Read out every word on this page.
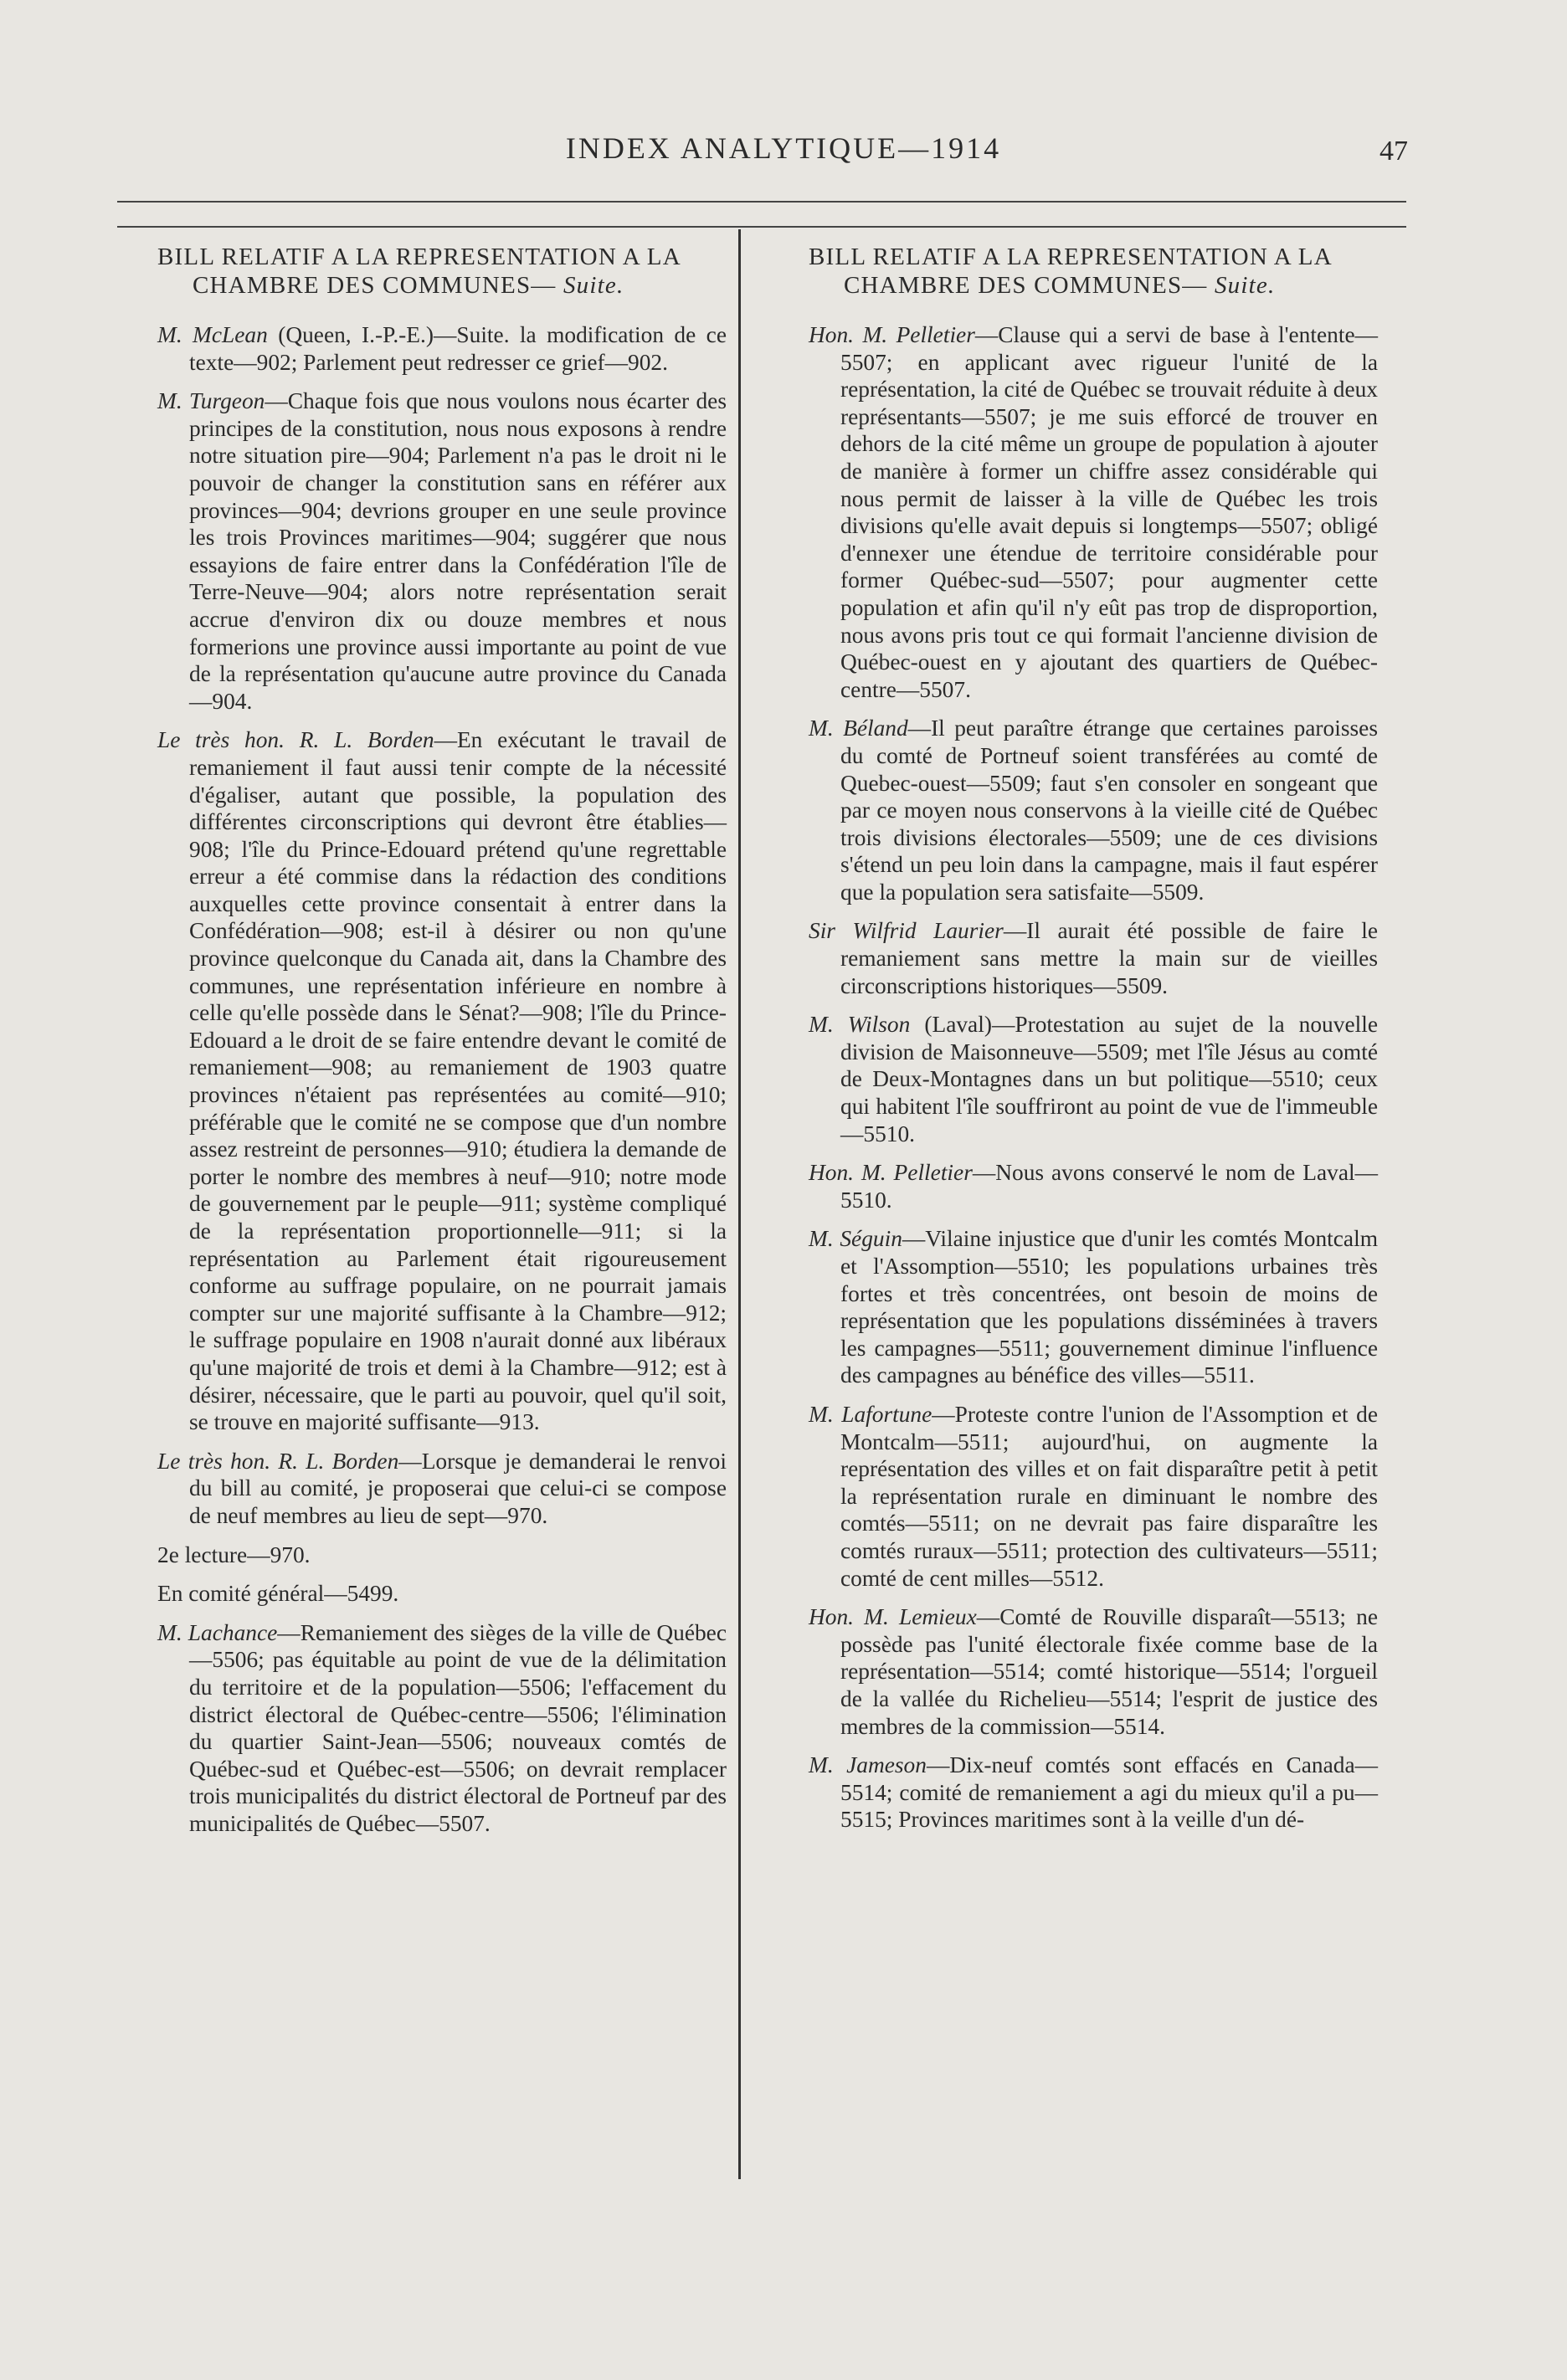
INDEX ANALYTIQUE—1914	47
BILL RELATIF A LA REPRESENTATION A LA CHAMBRE DES COMMUNES— Suite.
M. McLean (Queen, I.-P.-E.)—Suite. la modification de ce texte—902; Parlement peut redresser ce grief—902.
M. Turgeon—Chaque fois que nous voulons nous écarter des principes de la constitution, nous nous exposons à rendre notre situation pire—904; Parlement n'a pas le droit ni le pouvoir de changer la constitution sans en référer aux provinces—904; devrions grouper en une seule province les trois Provinces maritimes—904; suggérer que nous essayions de faire entrer dans la Confédération l'île de Terre-Neuve—904; alors notre représentation serait accrue d'environ dix ou douze membres et nous formerions une province aussi importante au point de vue de la représentation qu'aucune autre province du Canada—904.
Le très hon. R. L. Borden—En exécutant le travail de remaniement il faut aussi tenir compte de la nécessité d'égaliser, autant que possible, la population des différentes circonscriptions qui devront être établies—908; l'île du Prince-Edouard prétend qu'une regrettable erreur a été commise dans la rédaction des conditions auxquelles cette province consentait à entrer dans la Confédération—908; est-il à désirer ou non qu'une province quelconque du Canada ait, dans la Chambre des communes, une représentation inférieure en nombre à celle qu'elle possède dans le Sénat?—908; l'île du Prince-Edouard a le droit de se faire entendre devant le comité de remaniement—908; au remaniement de 1903 quatre provinces n'étaient pas représentées au comité—910; préférable que le comité ne se compose que d'un nombre assez restreint de personnes—910; étudiera la demande de porter le nombre des membres à neuf—910; notre mode de gouvernement par le peuple—911; système compliqué de la représentation proportionnelle—911; si la représentation au Parlement était rigoureusement conforme au suffrage populaire, on ne pourrait jamais compter sur une majorité suffisante à la Chambre—912; le suffrage populaire en 1908 n'aurait donné aux libéraux qu'une majorité de trois et demi à la Chambre—912; est à désirer, nécessaire, que le parti au pouvoir, quel qu'il soit, se trouve en majorité suffisante—913.
Le très hon. R. L. Borden—Lorsque je demanderai le renvoi du bill au comité, je proposerai que celui-ci se compose de neuf membres au lieu de sept—970.
2e lecture—970.
En comité général—5499.
M. Lachance—Remaniement des sièges de la ville de Québec—5506; pas équitable au point de vue de la délimitation du territoire et de la population—5506; l'effacement du district électoral de Québec-centre—5506; l'élimination du quartier Saint-Jean—5506; nouveaux comtés de Québec-sud et Québec-est—5506; on devrait remplacer trois municipalités du district électoral de Portneuf par des municipalités de Québec—5507.
BILL RELATIF A LA REPRESENTATION A LA CHAMBRE DES COMMUNES— Suite.
Hon. M. Pelletier—Clause qui a servi de base à l'entente—5507; en applicant avec rigueur l'unité de la représentation, la cité de Québec se trouvait réduite à deux représentants—5507; je me suis efforcé de trouver en dehors de la cité même un groupe de population à ajouter de manière à former un chiffre assez considérable qui nous permit de laisser à la ville de Québec les trois divisions qu'elle avait depuis si longtemps—5507; obligé d'ennexer une étendue de territoire considérable pour former Québec-sud—5507; pour augmenter cette population et afin qu'il n'y eût pas trop de disproportion, nous avons pris tout ce qui formait l'ancienne division de Québec-ouest en y ajoutant des quartiers de Québec-centre—5507.
M. Béland—Il peut paraître étrange que certaines paroisses du comté de Portneuf soient transférées au comté de Quebec-ouest—5509; faut s'en consoler en songeant que par ce moyen nous conservons à la vieille cité de Québec trois divisions électorales—5509; une de ces divisions s'étend un peu loin dans la campagne, mais il faut espérer que la population sera satisfaite—5509.
Sir Wilfrid Laurier—Il aurait été possible de faire le remaniement sans mettre la main sur de vieilles circonscriptions historiques—5509.
M. Wilson (Laval)—Protestation au sujet de la nouvelle division de Maisonneuve—5509; met l'île Jésus au comté de Deux-Montagnes dans un but politique—5510; ceux qui habitent l'île souffriront au point de vue de l'immeuble—5510.
Hon. M. Pelletier—Nous avons conservé le nom de Laval—5510.
M. Séguin—Vilaine injustice que d'unir les comtés Montcalm et l'Assomption—5510; les populations urbaines très fortes et très concentrées, ont besoin de moins de représentation que les populations disséminées à travers les campagnes—5511; gouvernement diminue l'influence des campagnes au bénéfice des villes—5511.
M. Lafortune—Proteste contre l'union de l'Assomption et de Montcalm—5511; aujourd'hui, on augmente la représentation des villes et on fait disparaître petit à petit la représentation rurale en diminuant le nombre des comtés—5511; on ne devrait pas faire disparaître les comtés ruraux—5511; protection des cultivateurs—5511; comté de cent milles—5512.
Hon. M. Lemieux—Comté de Rouville disparaît—5513; ne possède pas l'unité électorale fixée comme base de la représentation—5514; comté historique—5514; l'orgueil de la vallée du Richelieu—5514; l'esprit de justice des membres de la commission—5514.
M. Jameson—Dix-neuf comtés sont effacés en Canada—5514; comité de remaniement a agi du mieux qu'il a pu—5515; Provinces maritimes sont à la veille d'un dé-
